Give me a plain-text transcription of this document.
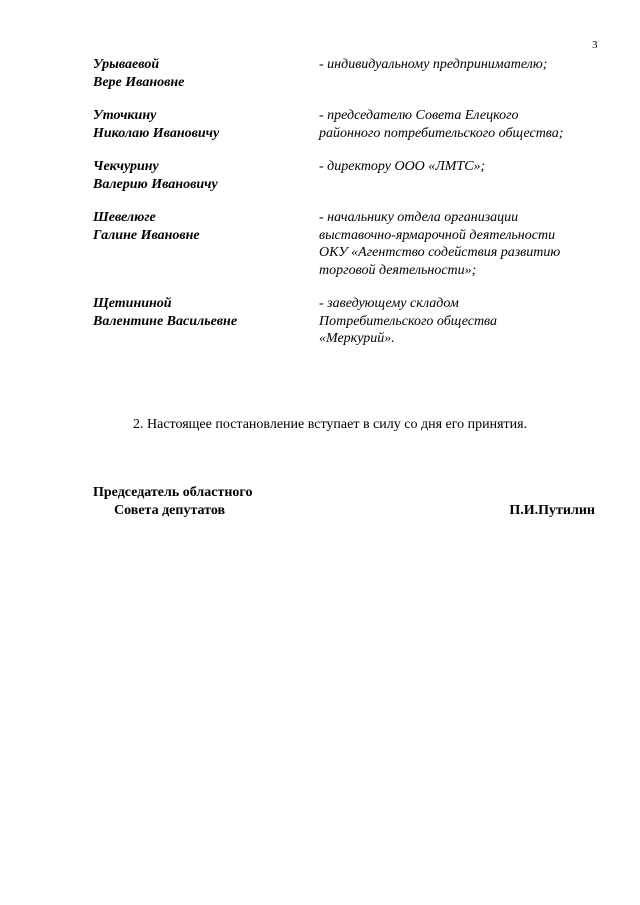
3
Урываевой
Вере Ивановне
- индивидуальному предпринимателю;
Уточкину
Николаю Ивановичу
- председателю Совета Елецкого
районного потребительского общества;
Чекчурину
Валерию Ивановичу
- директору ООО «ЛМТС»;
Шевелюге
Галине Ивановне
- начальнику отдела организации
выставочно-ярмарочной деятельности
ОКУ «Агентство содействия развитию
торговой деятельности»;
Щетининой
Валентине Васильевне
- заведующему складом
Потребительского общества
«Меркурий».
2. Настоящее постановление вступает в силу со дня его принятия.
Председатель областного
Совета депутатов	П.И.Путилин
